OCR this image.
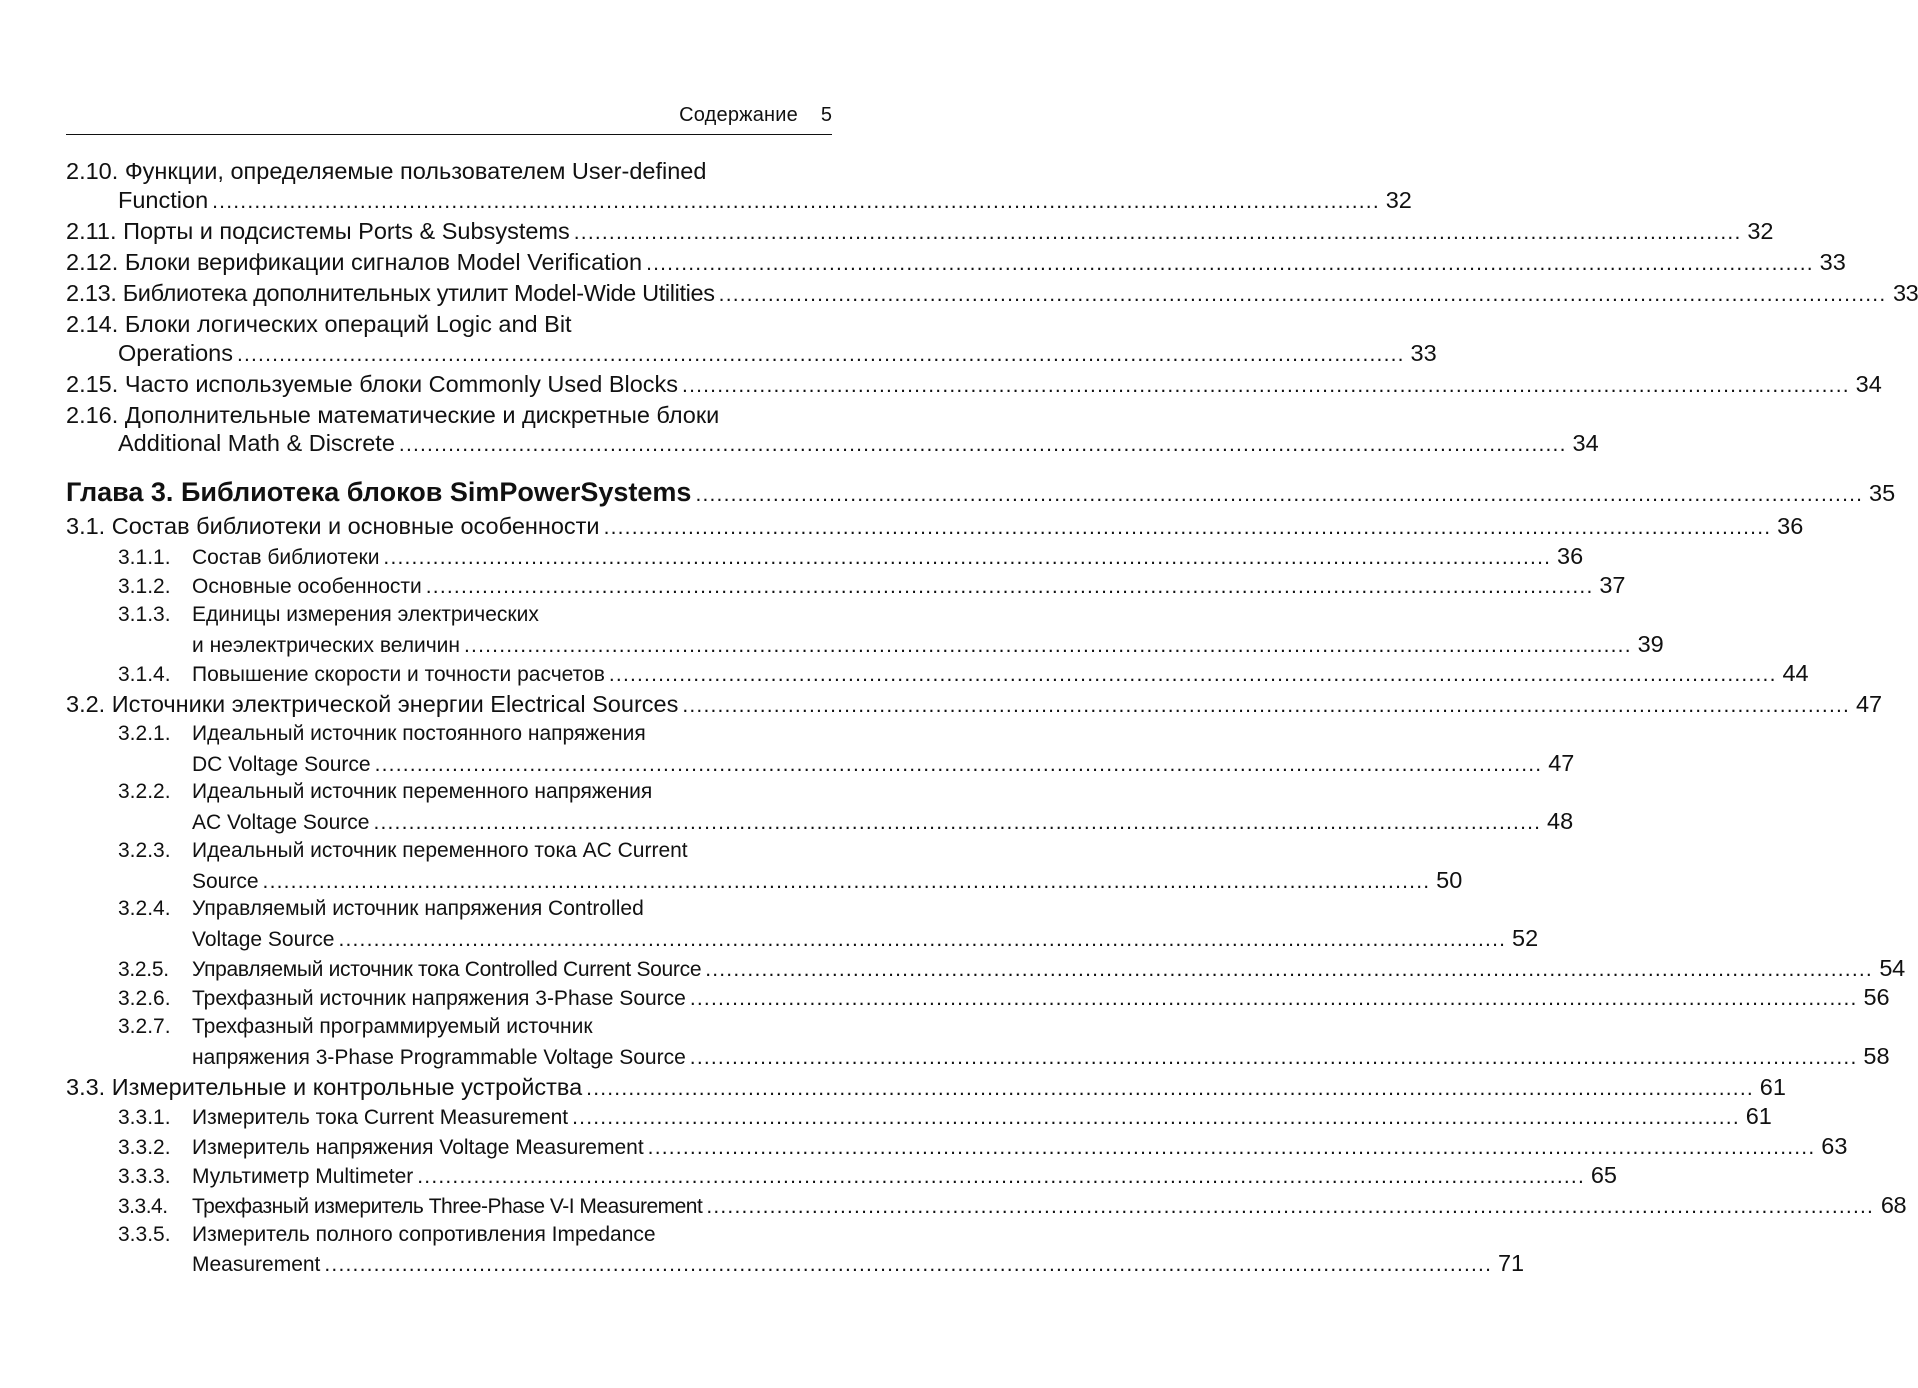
Содержание 5
2.10.
Функции, определяемые пользователем User-defined
Function .....	32
2.11.
Порты и подсистемы Ports & Subsystems .....	32
2.12.
Блоки верификации сигналов Model Verification .....	33
2.13.
Библиотека дополнительных утилит Model-Wide Utilities .....	33
2.14.
Блоки логических операций Logic and Bit
Operations .....	33
2.15.
Часто используемые блоки Commonly Used Blocks .....	34
2.16.
Дополнительные математические и дискретные блоки
Additional Math & Discrete .....	34
Глава 3.
Библиотека блоков SimPowerSystems .....	35
3.1.
Состав библиотеки и основные особенности .....	36
3.1.1.	Состав библиотеки .....	36
3.1.2.	Основные особенности .....	37
3.1.3.	Единицы измерения электрических
и неэлектрических величин .....	39
3.1.4.	Повышение скорости и точности расчетов .....	44
3.2.
Источники электрической энергии Electrical Sources .....	47
3.2.1.	Идеальный источник постоянного напряжения
DC Voltage Source .....	47
3.2.2.	Идеальный источник переменного напряжения
AC Voltage Source .....	48
3.2.3.	Идеальный источник переменного тока AC Current
Source .....	50
3.2.4.	Управляемый источник напряжения Controlled
Voltage Source .....	52
3.2.5.	Управляемый источник тока Controlled Current Source .....	54
3.2.6.	Трехфазный источник напряжения 3-Phase Source .....	56
3.2.7.	Трехфазный программируемый источник
напряжения 3-Phase Programmable Voltage Source .....	58
3.3.
Измерительные и контрольные устройства .....	61
3.3.1.	Измеритель тока Current Measurement .....	61
3.3.2.	Измеритель напряжения Voltage Measurement .....	63
3.3.3.	Мультиметр Multimeter .....	65
3.3.4.	Трехфазный измеритель Three-Phase V-I Measurement .....	68
3.3.5.	Измеритель полного сопротивления Impedance
Measurement .....	71
